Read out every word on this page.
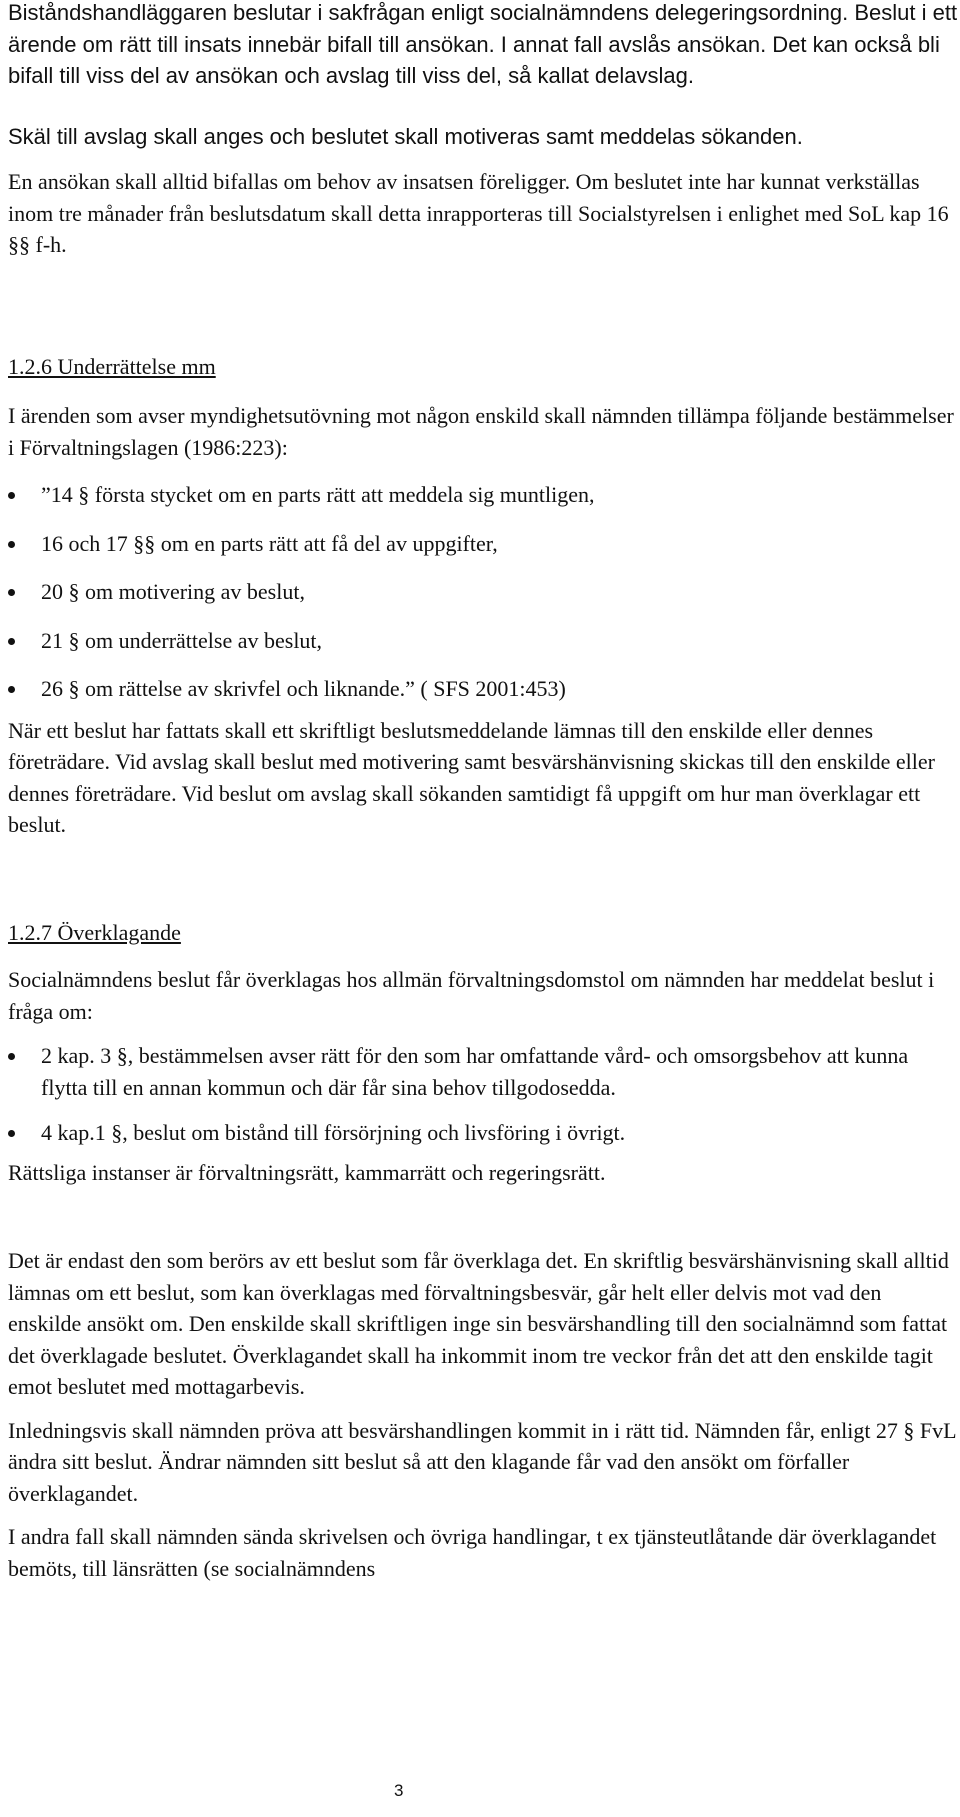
Biståndshandläggaren beslutar i sakfrågan enligt socialnämndens delegeringsordning. Beslut i ett ärende om rätt till insats innebär bifall till ansökan. I annat fall avslås ansökan. Det kan också bli bifall till viss del av ansökan och avslag till viss del, så kallat delavslag.

Skäl till avslag skall anges och beslutet skall motiveras samt meddelas sökanden.

En ansökan skall alltid bifallas om behov av insatsen föreligger. Om beslutet inte har kunnat verkställas inom tre månader från beslutsdatum skall detta inrapporteras till Socialstyrelsen i enlighet med SoL kap 16 §§ f-h.

1.2.6 Underrättelse mm

I ärenden som avser myndighetsutövning mot någon enskild skall nämnden tillämpa följande bestämmelser i Förvaltningslagen (1986:223):

”14 § första stycket om en parts rätt att meddela sig muntligen,
16 och 17 §§ om en parts rätt att få del av uppgifter,
20 § om motivering av beslut,
21 § om underrättelse av beslut,
26 § om rättelse av skrivfel och liknande.” ( SFS 2001:453)

När ett beslut har fattats skall ett skriftligt beslutsmeddelande lämnas till den enskilde eller dennes företrädare. Vid avslag skall beslut med motivering samt besvärshänvisning skickas till den enskilde eller dennes företrädare. Vid beslut om avslag skall sökanden samtidigt få uppgift om hur man överklagar ett beslut.

1.2.7 Överklagande

Socialnämndens beslut får överklagas hos allmän förvaltningsdomstol om nämnden har meddelat beslut i fråga om:

2 kap. 3 §, bestämmelsen avser rätt för den som har omfattande vård- och omsorgsbehov att kunna flytta till en annan kommun och där får sina behov tillgodosedda.
4 kap.1 §, beslut om bistånd till försörjning och livsföring i övrigt.

Rättsliga instanser är förvaltningsrätt, kammarrätt och regeringsrätt.

Det är endast den som berörs av ett beslut som får överklaga det. En skriftlig besvärshänvisning skall alltid lämnas om ett beslut, som kan överklagas med förvaltningsbesvär, går helt eller delvis mot vad den enskilde ansökt om. Den enskilde skall skriftligen inge sin besvärshandling till den socialnämnd som fattat det överklagade beslutet. Överklagandet skall ha inkommit inom tre veckor från det att den enskilde tagit emot beslutet med mottagarbevis.

Inledningsvis skall nämnden pröva att besvärshandlingen kommit in i rätt tid. Nämnden får, enligt 27 § FvL ändra sitt beslut. Ändrar nämnden sitt beslut så att den klagande får vad den ansökt om förfaller överklagandet.

I andra fall skall nämnden sända skrivelsen och övriga handlingar, t ex tjänsteutlåtande där överklagandet bemöts, till länsrätten (se socialnämndens

3
